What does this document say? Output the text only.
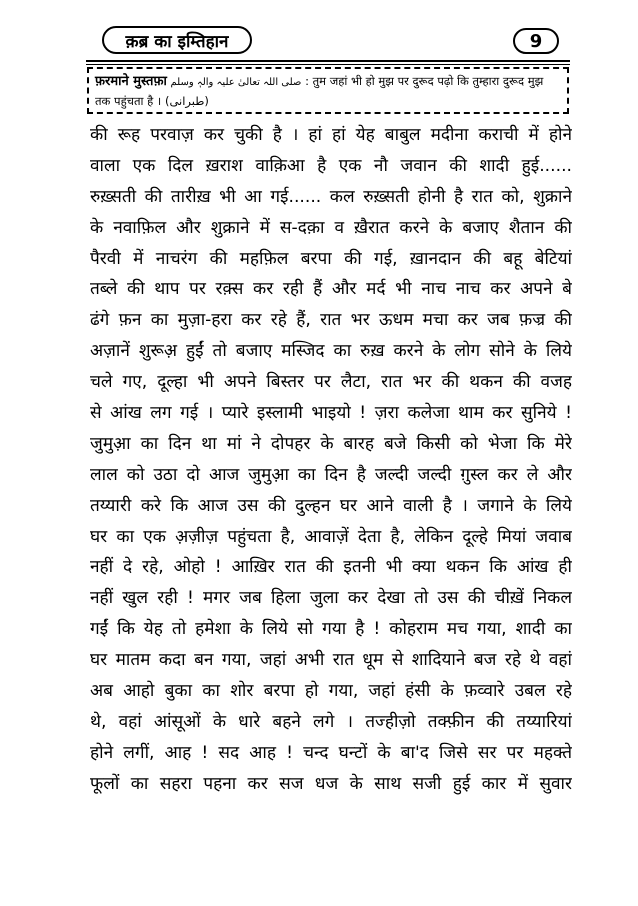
क़ब्र का इम्तिहान	9
फ़रमाने मुस्तफ़ा صلی اللہ تعالیٰ علیہ والہٖ وسلم : तुम जहां भी हो मुझ पर दुरूद पढ़ो कि तुम्हारा दुरूद मुझ तक पहुंचता है । (طبرانی)
की रूह परवाज़ कर चुकी है । हां हां येह बाबुल मदीना कराची में होने
वाला एक दिल ख़राश वाक़िआ है एक नौ जवान की शादी हुई......
रुख़्सती की तारीख़ भी आ गई...... कल रुख़्सती होनी है रात को, शुक्राने
के नवाफ़िल और शुक्राने में स-दक़ा व ख़ैरात करने के बजाए शैतान की
पैरवी में नाचरंग की महफ़िल बरपा की गई, ख़ानदान की बहू बेटियां
तब्ले की थाप पर रक़्स कर रही हैं और मर्द भी नाच नाच कर अपने बे
ढंगे फ़न का मुज़ा-हरा कर रहे हैं, रात भर ऊधम मचा कर जब फ़ज्र की
अज़ानें शुरूअ़ हुईं तो बजाए मस्जिद का रुख़ करने के लोग सोने के लिये
चले गए, दूल्हा भी अपने बिस्तर पर लैटा, रात भर की थकन की वजह
से आंख लग गई । प्यारे इस्लामी भाइयो ! ज़रा कलेजा थाम कर सुनिये !
जुमुआ़ का दिन था मां ने दोपहर के बारह बजे किसी को भेजा कि मेरे
लाल को उठा दो आज जुमुआ़ का दिन है जल्दी जल्दी ग़ुस्ल कर ले और
तय्यारी करे कि आज उस की दुल्हन घर आने वाली है । जगाने के लिये
घर का एक अ़ज़ीज़ पहुंचता है, आवाज़ें देता है, लेकिन दूल्हे मियां जवाब
नहीं दे रहे, ओहो ! आख़िर रात की इतनी भी क्या थकन कि आंख ही
नहीं खुल रही ! मगर जब हिला जुला कर देखा तो उस की चीख़ें निकल
गईं कि येह तो हमेशा के लिये सो गया है ! कोहराम मच गया, शादी का
घर मातम कदा बन गया, जहां अभी रात धूम से शादियाने बज रहे थे वहां
अब आहो बुका का शोर बरपा हो गया, जहां हंसी के फ़व्वारे उबल रहे
थे, वहां आंसूओं के धारे बहने लगे । तज्हीज़ो तक्फ़ीन की तय्यारियां
होने लगीं, आह ! सद आह ! चन्द घन्टों के बा'द जिसे सर पर महक्ते
फूलों का सहरा पहना कर सज धज के साथ सजी हुई कार में सुवार
